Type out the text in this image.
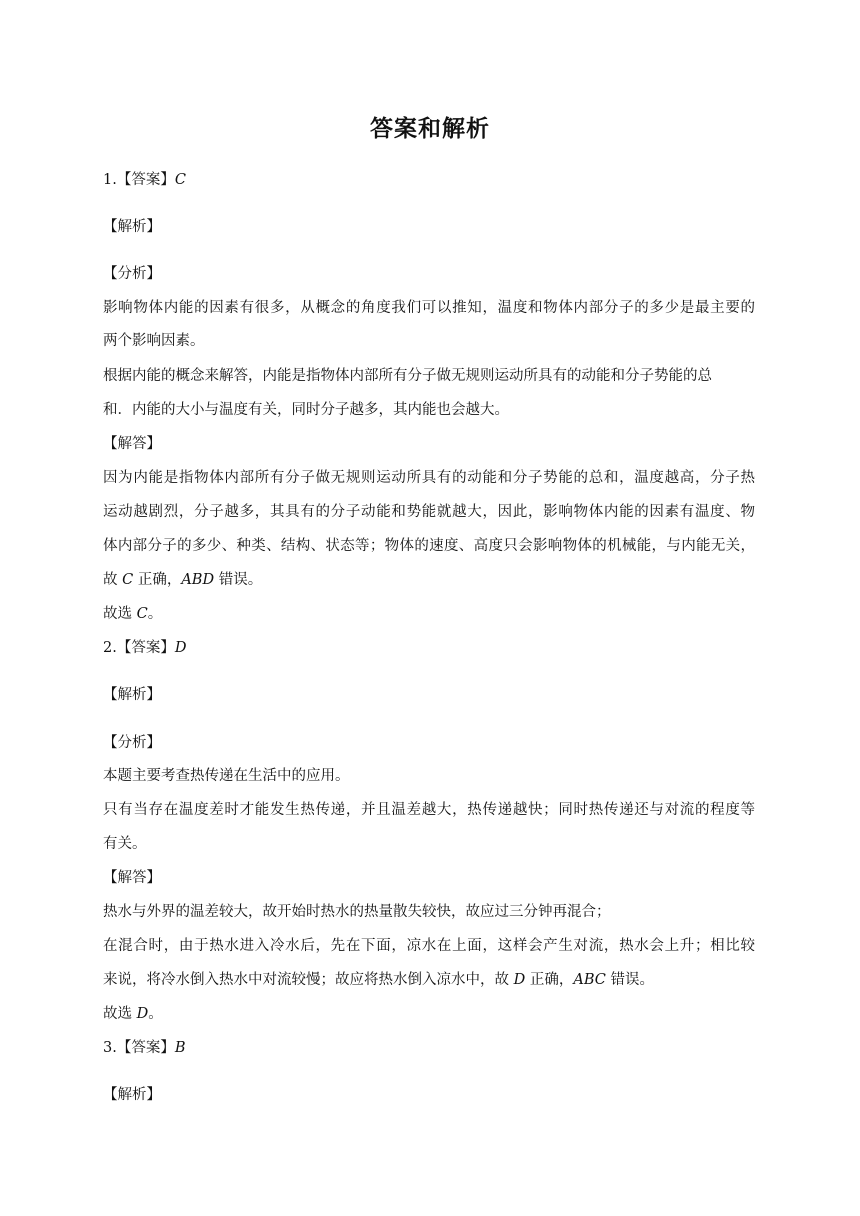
答案和解析
1.【答案】C
【解析】
【分析】
影响物体内能的因素有很多，从概念的角度我们可以推知，温度和物体内部分子的多少是最主要的
两个影响因素。
根据内能的概念来解答，内能是指物体内部所有分子做无规则运动所具有的动能和分子势能的总
和．内能的大小与温度有关，同时分子越多，其内能也会越大。
【解答】
因为内能是指物体内部所有分子做无规则运动所具有的动能和分子势能的总和，温度越高，分子热
运动越剧烈，分子越多，其具有的分子动能和势能就越大，因此，影响物体内能的因素有温度、物
体内部分子的多少、种类、结构、状态等；物体的速度、高度只会影响物体的机械能，与内能无关，
故 C 正确，ABD 错误。
故选 C。
2.【答案】D
【解析】
【分析】
本题主要考查热传递在生活中的应用。
只有当存在温度差时才能发生热传递，并且温差越大，热传递越快；同时热传递还与对流的程度等
有关。
【解答】
热水与外界的温差较大，故开始时热水的热量散失较快，故应过三分钟再混合；
在混合时，由于热水进入冷水后，先在下面，凉水在上面，这样会产生对流，热水会上升；相比较
来说，将冷水倒入热水中对流较慢；故应将热水倒入凉水中，故 D 正确，ABC 错误。
故选 D。
3.【答案】B
【解析】
